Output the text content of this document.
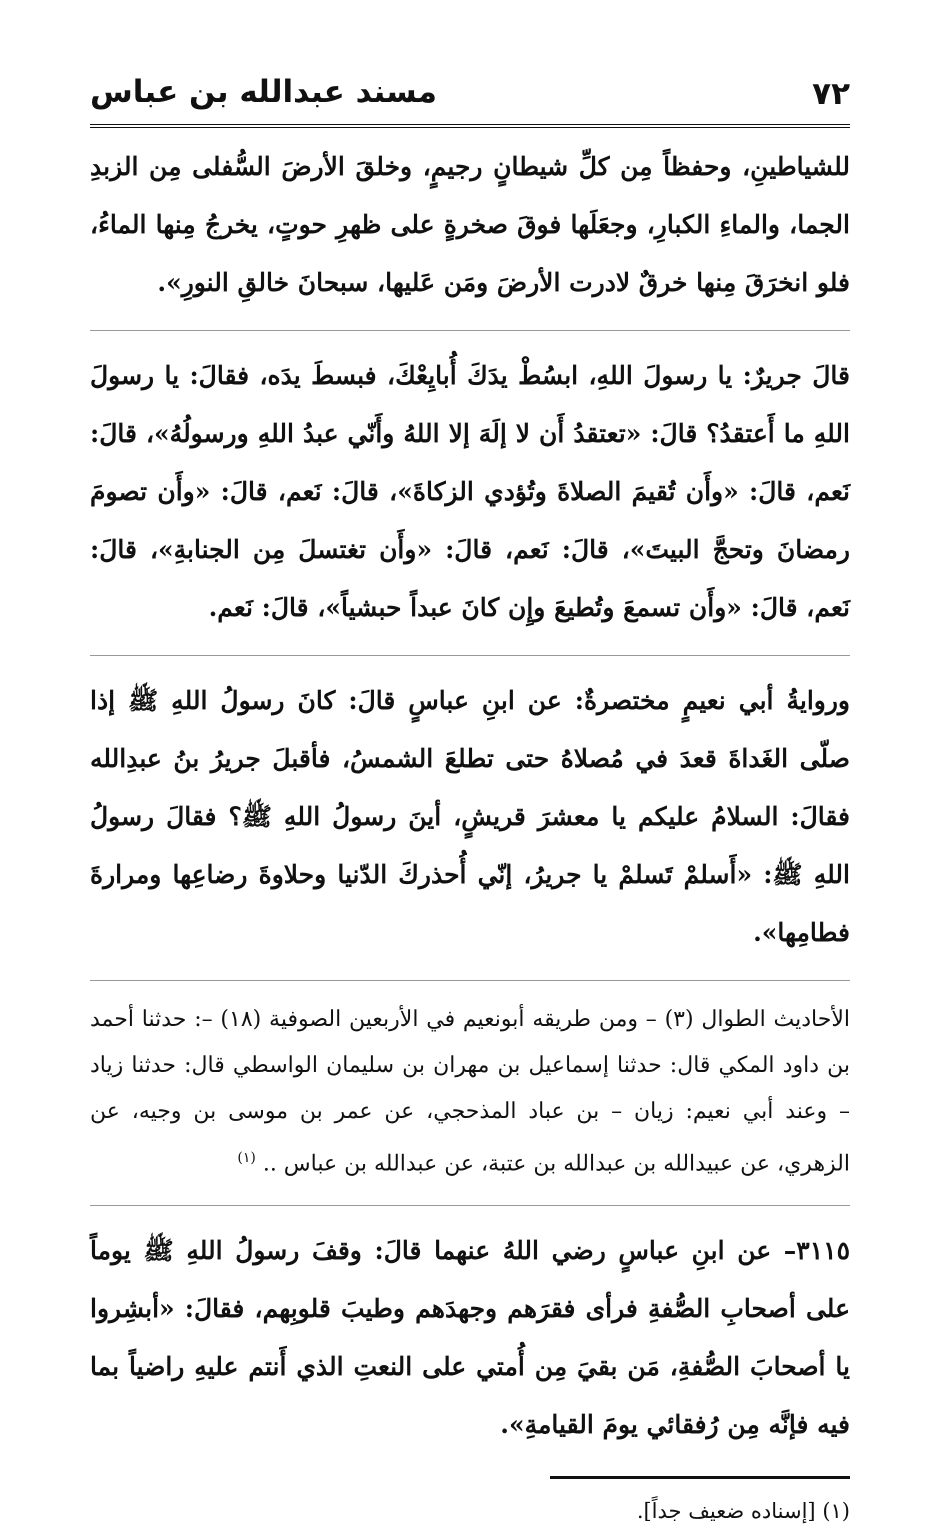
٧٢
مسند عبدالله بن عباس

للشياطينِ، وحفظاً مِن كلِّ شيطانٍ رجيمٍ، وخلقَ الأرضَ السُّفلى مِن الزبدِ الجما، والماءِ الكبارِ، وجعَلَها فوقَ صخرةٍ على ظهرِ حوتٍ، يخرجُ مِنها الماءُ، فلو انخرَقَ مِنها خرقٌ لادرت الأرضَ ومَن عَليها، سبحانَ خالقِ النورِ».

قالَ جريرٌ: يا رسولَ اللهِ، ابسُطْ يدَكَ أُبايِعْكَ، فبسطَ يدَه، فقالَ: يا رسولَ اللهِ ما أَعتقدُ؟ قالَ: «تعتقدُ أَن لا إلَهَ إلا اللهُ وأَنّي عبدُ اللهِ ورسولُهُ»، قالَ: نَعم، قالَ: «وأَن تُقيمَ الصلاةَ وتُؤدي الزكاةَ»، قالَ: نَعم، قالَ: «وأَن تصومَ رمضانَ وتحجَّ البيتَ»، قالَ: نَعم، قالَ: «وأَن تغتسلَ مِن الجنابةِ»، قالَ: نَعم، قالَ: «وأَن تسمعَ وتُطيعَ وإِن كانَ عبداً حبشياً»، قالَ: نَعم.

وروايةُ أبي نعيمٍ مختصرةٌ: عن ابنِ عباسٍ قالَ: كانَ رسولُ اللهِ ﷺ إذا صلّى الغَداةَ قعدَ في مُصلاهُ حتى تطلعَ الشمسُ، فأقبلَ جريرُ بنُ عبدِالله فقالَ: السلامُ عليكم يا معشرَ قريشٍ، أينَ رسولُ اللهِ ﷺ؟ فقالَ رسولُ اللهِ ﷺ: «أَسلمْ تَسلمْ يا جريرُ، إنّي أُحذركَ الدّنيا وحلاوةَ رضاعِها ومرارةَ فطامِها».

الأحاديث الطوال (٣) – ومن طريقه أبونعيم في الأربعين الصوفية (١٨) –: حدثنا أحمد بن داود المكي قال: حدثنا إسماعيل بن مهران بن سليمان الواسطي قال: حدثنا زياد – وعند أبي نعيم: زيان – بن عباد المذحجي، عن عمر بن موسى بن وجيه، عن الزهري، عن عبيدالله بن عبدالله بن عتبة، عن عبدالله بن عباس .. $^{(١)}$

٣١١٥– عن ابنِ عباسٍ رضي اللهُ عنهما قالَ: وقفَ رسولُ اللهِ ﷺ يوماً على أصحابِ الصُّفةِ فرأى فقرَهم وجهدَهم وطيبَ قلوبِهم، فقالَ: «أبشِروا يا أصحابَ الصُّفةِ، مَن بقيَ مِن أُمتي على النعتِ الذي أَنتم عليهِ راضياً بما فيه فإنَّه مِن رُفقائي يومَ القيامةِ».

(١) [إسناده ضعيف جداً].
